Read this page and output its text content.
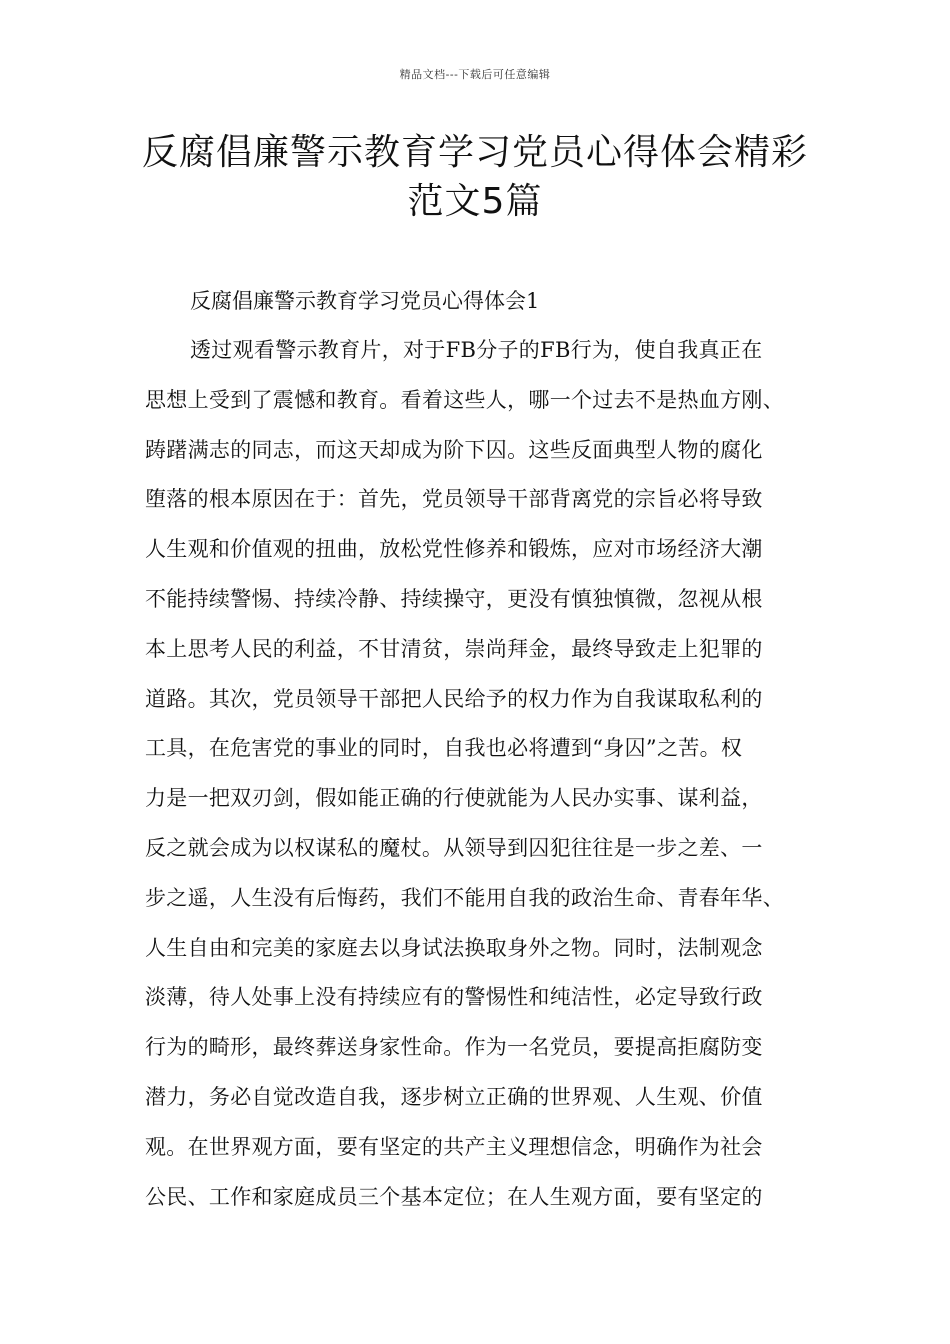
精品文档---下载后可任意编辑
反腐倡廉警示教育学习党员心得体会精彩范文5篇
反腐倡廉警示教育学习党员心得体会1
透过观看警示教育片，对于FB分子的FB行为，使自我真正在
思想上受到了震憾和教育。看着这些人，哪一个过去不是热血方刚、
踌躇满志的同志，而这天却成为阶下囚。这些反面典型人物的腐化
堕落的根本原因在于：首先，党员领导干部背离党的宗旨必将导致
人生观和价值观的扭曲，放松党性修养和锻炼，应对市场经济大潮
不能持续警惕、持续冷静、持续操守，更没有慎独慎微，忽视从根
本上思考人民的利益，不甘清贫，崇尚拜金，最终导致走上犯罪的
道路。其次，党员领导干部把人民给予的权力作为自我谋取私利的
工具，在危害党的事业的同时，自我也必将遭到“身囚”之苦。权
力是一把双刃剑，假如能正确的行使就能为人民办实事、谋利益，
反之就会成为以权谋私的魔杖。从领导到囚犯往往是一步之差、一
步之遥，人生没有后悔药，我们不能用自我的政治生命、青春年华、
人生自由和完美的家庭去以身试法换取身外之物。同时，法制观念
淡薄，待人处事上没有持续应有的警惕性和纯洁性，必定导致行政
行为的畸形，最终葬送身家性命。作为一名党员，要提高拒腐防变
潜力，务必自觉改造自我，逐步树立正确的世界观、人生观、价值
观。在世界观方面，要有坚定的共产主义理想信念，明确作为社会
公民、工作和家庭成员三个基本定位；在人生观方面，要有坚定的
